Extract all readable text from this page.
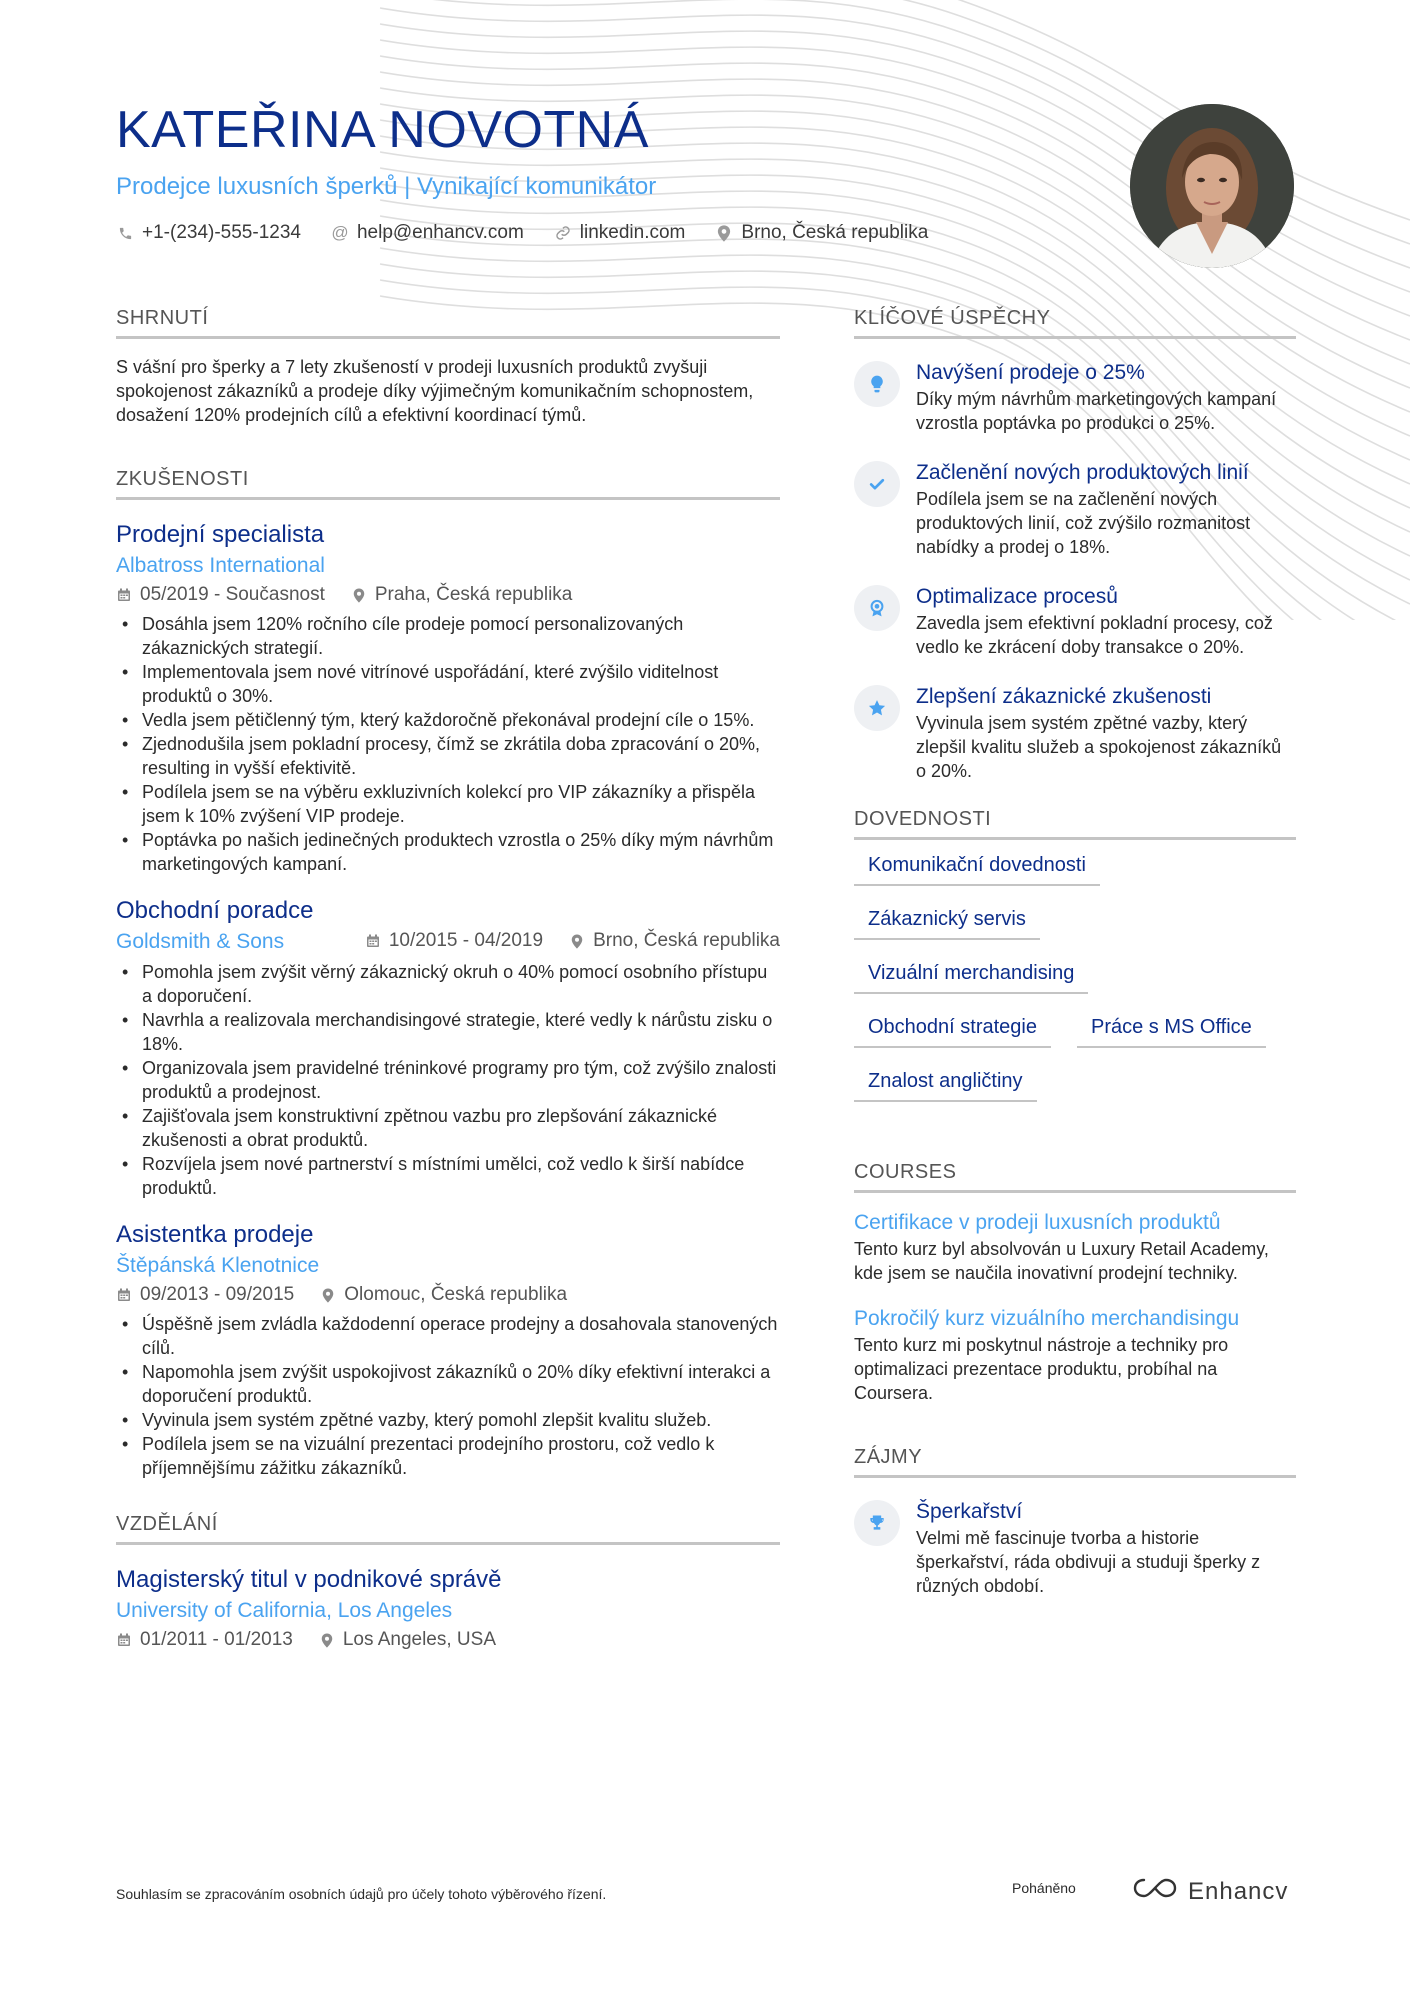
KATEŘINA NOVOTNÁ
Prodejce luxusních šperků | Vynikající komunikátor
+1-(234)-555-1234 @ help@enhancv.com	linkedin.com	Brno, Česká republika
SHRNUTÍ

S vášní pro šperky a 7 lety zkušeností v prodeji luxusních produktů zvyšuji spokojenost zákazníků a prodeje díky výjimečným komunikačním schopnostem, dosažení 120% prodejních cílů a efektivní koordinací týmů.

ZKUŠENOSTI
Prodejní specialista
Albatross International
05/2019 - Současnost	Praha, Česká republika
• Dosáhla jsem 120% ročního cíle prodeje pomocí personalizovaných zákaznických strategií.
• Implementovala jsem nové vitrínové uspořádání, které zvýšilo viditelnost produktů o 30%.
• Vedla jsem pětičlenný tým, který každoročně překonával prodejní cíle o 15%.
• Zjednodušila jsem pokladní procesy, čímž se zkrátila doba zpracování o 20%, resulting in vyšší efektivitě.
• Podílela jsem se na výběru exkluzivních kolekcí pro VIP zákazníky a přispěla jsem k 10% zvýšení VIP prodeje.
• Poptávka po našich jedinečných produktech vzrostla o 25% díky mým návrhům marketingových kampaní.
Obchodní poradce
Goldsmith & Sons	10/2015 - 04/2019	Brno, Česká republika
• Pomohla jsem zvýšit věrný zákaznický okruh o 40% pomocí osobního přístupu a doporučení.
• Navrhla a realizovala merchandisingové strategie, které vedly k nárůstu zisku o 18%.
• Organizovala jsem pravidelné tréninkové programy pro tým, což zvýšilo znalosti produktů a prodejnost.
• Zajišťovala jsem konstruktivní zpětnou vazbu pro zlepšování zákaznické zkušenosti a obrat produktů.
• Rozvíjela jsem nové partnerství s místními umělci, což vedlo k širší nabídce produktů.
Asistentka prodeje
Štěpánská Klenotnice
09/2013 - 09/2015	Olomouc, Česká republika
• Úspěšně jsem zvládla každodenní operace prodejny a dosahovala stanovených cílů.
• Napomohla jsem zvýšit uspokojivost zákazníků o 20% díky efektivní interakci a doporučení produktů.
• Vyvinula jsem systém zpětné vazby, který pomohl zlepšit kvalitu služeb.
• Podílela jsem se na vizuální prezentaci prodejního prostoru, což vedlo k příjemnějšímu zážitku zákazníků.
VZDĚLÁNÍ
Magisterský titul v podnikové správě
University of California, Los Angeles
01/2011 - 01/2013	Los Angeles, USA
KLÍČOVÉ ÚSPĚCHY
Navýšení prodeje o 25%
Díky mým návrhům marketingových kampaní vzrostla poptávka po produkci o 25%.
Začlenění nových produktových linií
Podílela jsem se na začlenění nových produktových linií, což zvýšilo rozmanitost nabídky a prodej o 18%.
Optimalizace procesů
Zavedla jsem efektivní pokladní procesy, což vedlo ke zkrácení doby transakce o 20%.
Zlepšení zákaznické zkušenosti
Vyvinula jsem systém zpětné vazby, který zlepšil kvalitu služeb a spokojenost zákazníků o 20%.
DOVEDNOSTI
Komunikační dovednosti
Zákaznický servis
Vizuální merchandising
Obchodní strategie	Práce s MS Office
Znalost angličtiny
COURSES
Certifikace v prodeji luxusních produktů
Tento kurz byl absolvován u Luxury Retail Academy, kde jsem se naučila inovativní prodejní techniky.
Pokročilý kurz vizuálního merchandisingu
Tento kurz mi poskytnul nástroje a techniky pro optimalizaci prezentace produktu, probíhal na Coursera.
ZÁJMY
Šperkařství
Velmi mě fascinuje tvorba a historie šperkařství, ráda obdivuji a studuji šperky z různých období.
Souhlasím se zpracováním osobních údajů pro účely tohoto výběrového řízení.	Poháněno	Enhancv
